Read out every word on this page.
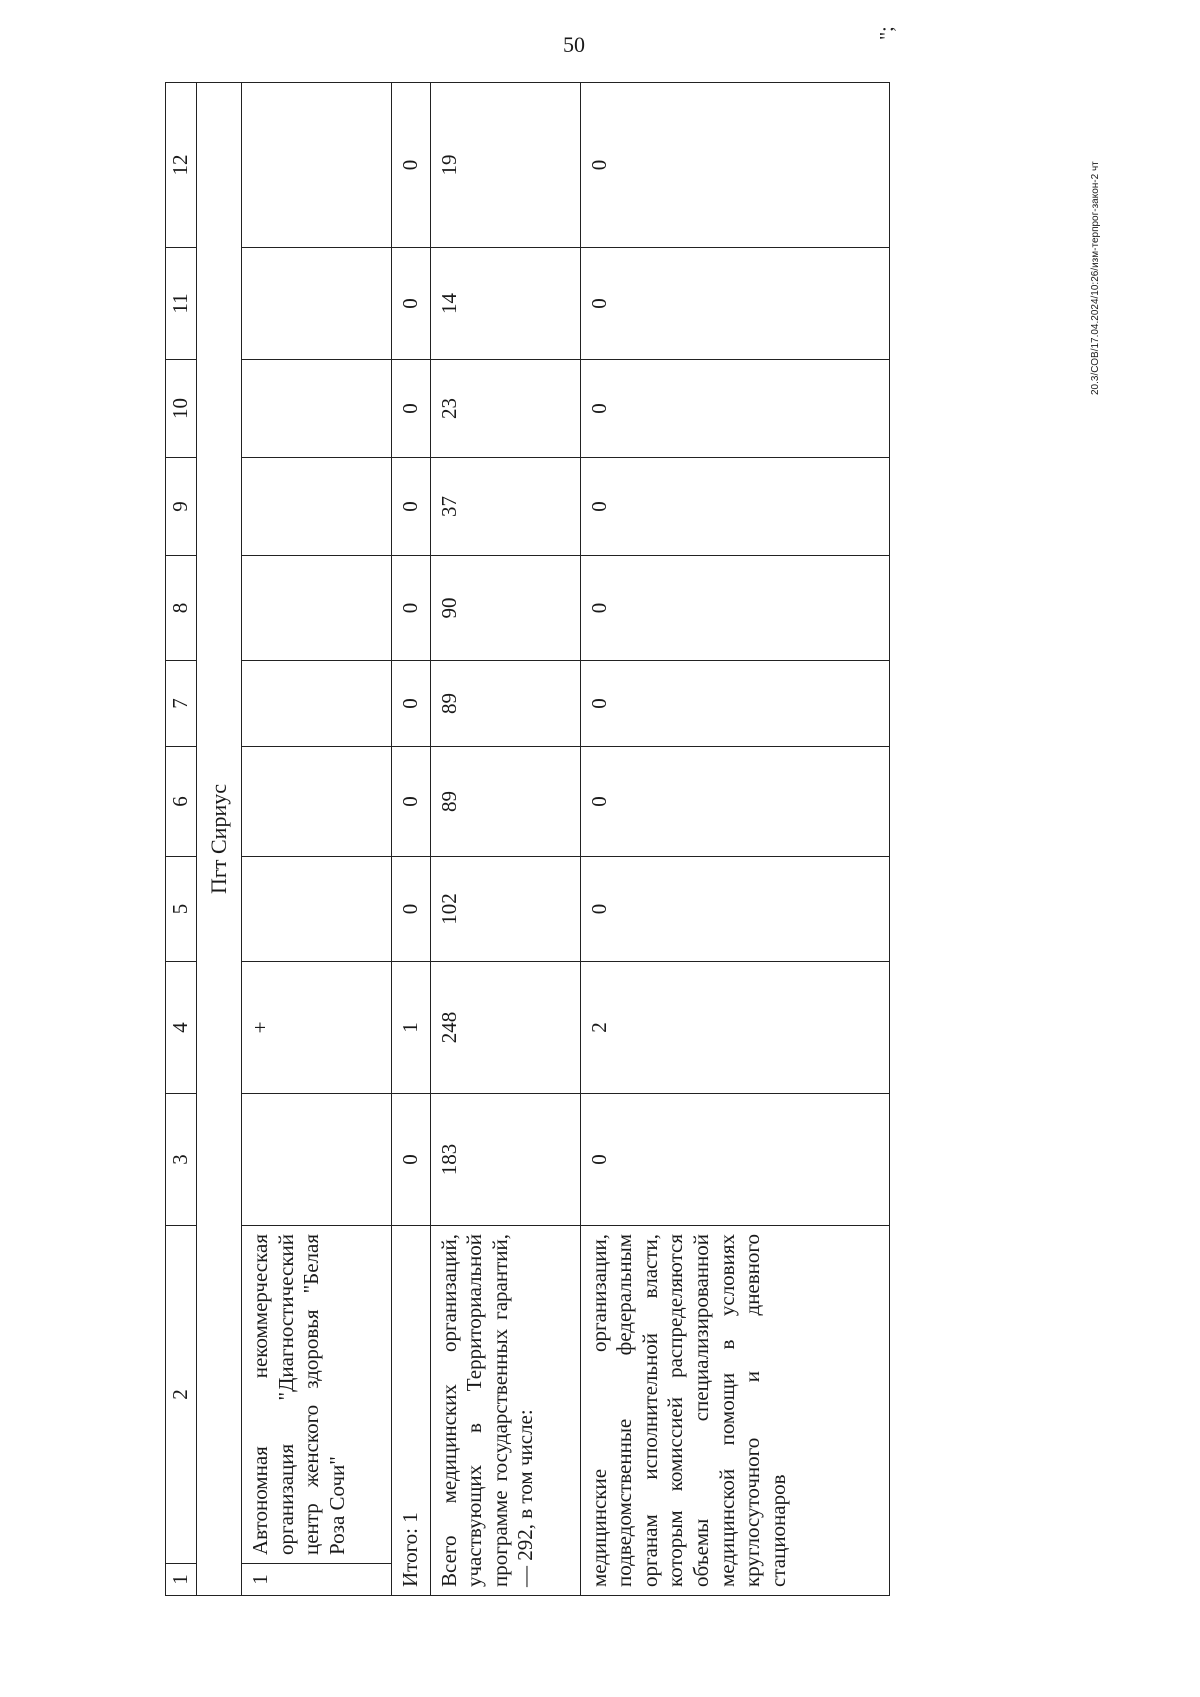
50	";
20.3/СОВ/17.04.2024/10:26/изм-терпрог-закон-2 чт
1	2	3	4	5	6	7	8	9	10	11	12
Пгт Сириус											
1	Автономная некоммерческая организация "Диагностический центр женского здоровья "Белая Роза Сочи"		+								
Итого: 1		0	1	0	0	0	0	0	0	0	0
Всего медицинских организаций, участвующих в Территориальной программе государственных гарантий, — 292, в том числе:		183	248	102	89	89	90	37	23	14	19
медицинские организации, подведомственные федеральным органам исполнительной власти, которым комиссией распределяются объемы специализированной медицинской помощи в условиях круглосуточного и дневного стационаров		0	2	0	0	0	0	0	0	0	0
